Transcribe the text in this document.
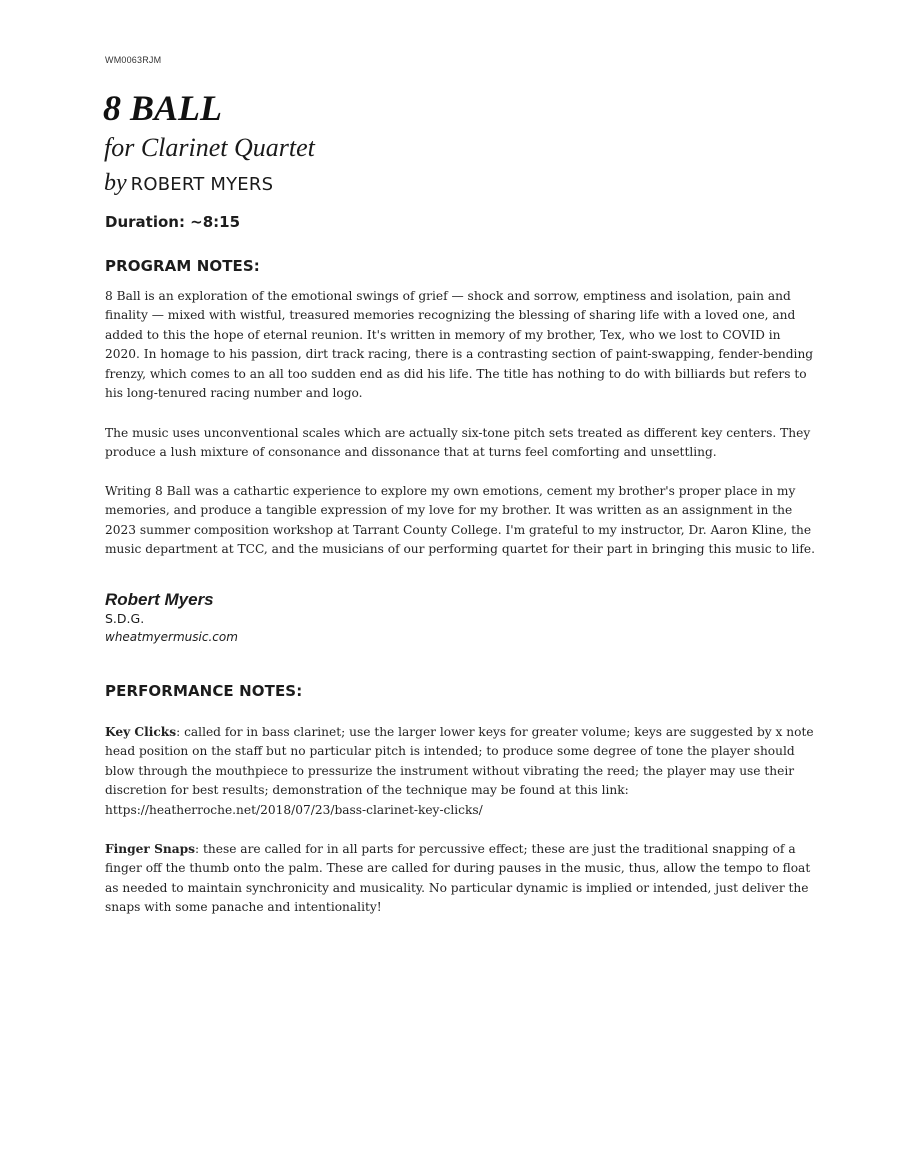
WM0063RJM
8 BALL
for Clarinet Quartet
by ROBERT MYERS
Duration: ~8:15
PROGRAM NOTES:

8 Ball is an exploration of the emotional swings of grief — shock and sorrow, emptiness and isolation, pain and finality — mixed with wistful, treasured memories recognizing the blessing of sharing life with a loved one, and added to this the hope of eternal reunion. It's written in memory of my brother, Tex, who we lost to COVID in 2020. In homage to his passion, dirt track racing, there is a contrasting section of paint-swapping, fender-bending frenzy, which comes to an all too sudden end as did his life. The title has nothing to do with billiards but refers to his long-tenured racing number and logo.

The music uses unconventional scales which are actually six-tone pitch sets treated as different key centers. They produce a lush mixture of consonance and dissonance that at turns feel comforting and unsettling.

Writing 8 Ball was a cathartic experience to explore my own emotions, cement my brother's proper place in my memories, and produce a tangible expression of my love for my brother. It was written as an assignment in the 2023 summer composition workshop at Tarrant County College. I'm grateful to my instructor, Dr. Aaron Kline, the music department at TCC, and the musicians of our performing quartet for their part in bringing this music to life.

Robert Myers
S.D.G.
wheatmyermusic.com
PERFORMANCE NOTES:

Key Clicks: called for in bass clarinet; use the larger lower keys for greater volume; keys are suggested by x note head position on the staff but no particular pitch is intended; to produce some degree of tone the player should blow through the mouthpiece to pressurize the instrument without vibrating the reed; the player may use their discretion for best results; demonstration of the technique may be found at this link: https://heatherroche.net/2018/07/23/bass-clarinet-key-clicks/

Finger Snaps: these are called for in all parts for percussive effect; these are just the traditional snapping of a finger off the thumb onto the palm. These are called for during pauses in the music, thus, allow the tempo to float as needed to maintain synchronicity and musicality. No particular dynamic is implied or intended, just deliver the snaps with some panache and intentionality!
